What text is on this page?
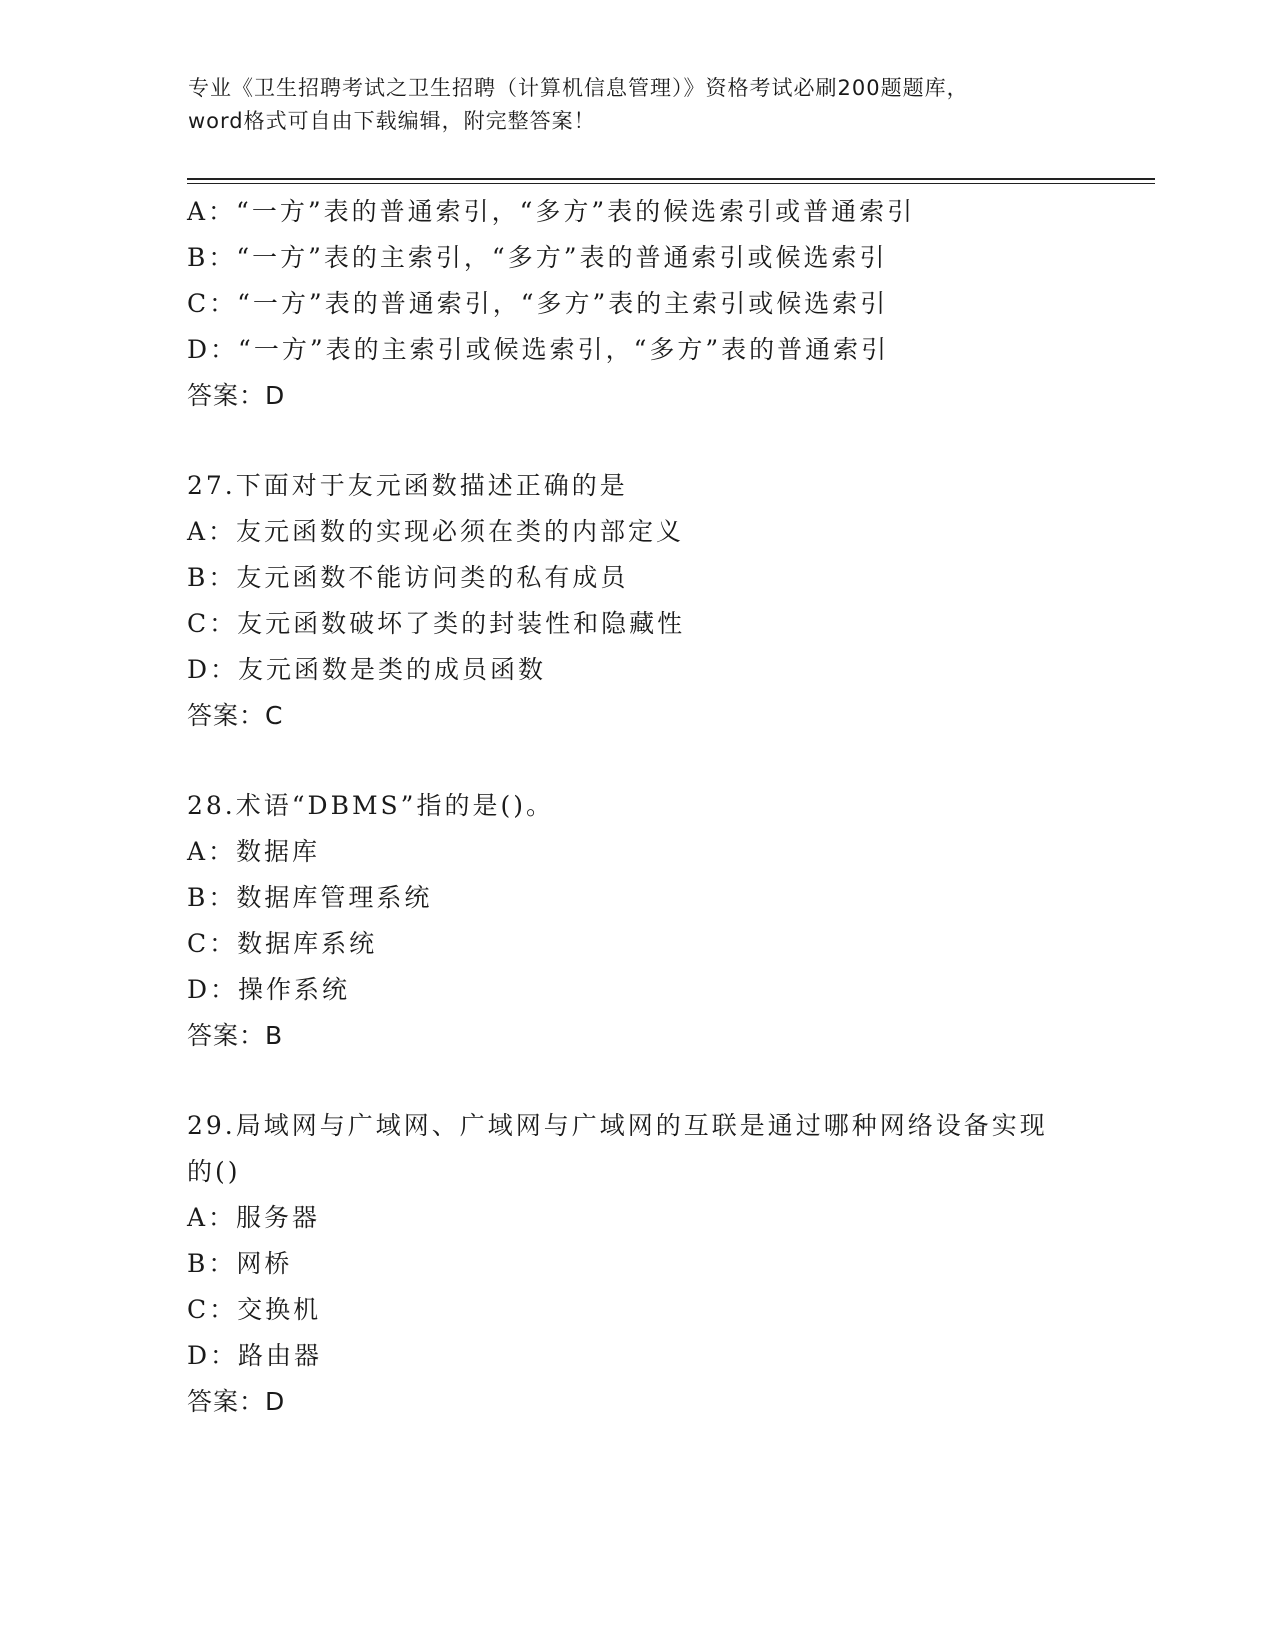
专业《卫生招聘考试之卫生招聘（计算机信息管理）》资格考试必刷200题题库，
word格式可自由下载编辑，附完整答案！
A：“一方”表的普通索引，“多方”表的候选索引或普通索引
B：“一方”表的主索引，“多方”表的普通索引或候选索引
C：“一方”表的普通索引，“多方”表的主索引或候选索引
D：“一方”表的主索引或候选索引，“多方”表的普通索引
答案：D
27.下面对于友元函数描述正确的是
A：友元函数的实现必须在类的内部定义
B：友元函数不能访问类的私有成员
C：友元函数破坏了类的封装性和隐藏性
D：友元函数是类的成员函数
答案：C
28.术语“DBMS”指的是()。
A：数据库
B：数据库管理系统
C：数据库系统
D：操作系统
答案：B
29.局域网与广域网、广域网与广域网的互联是通过哪种网络设备实现
的()
A：服务器
B：网桥
C：交换机
D：路由器
答案：D
